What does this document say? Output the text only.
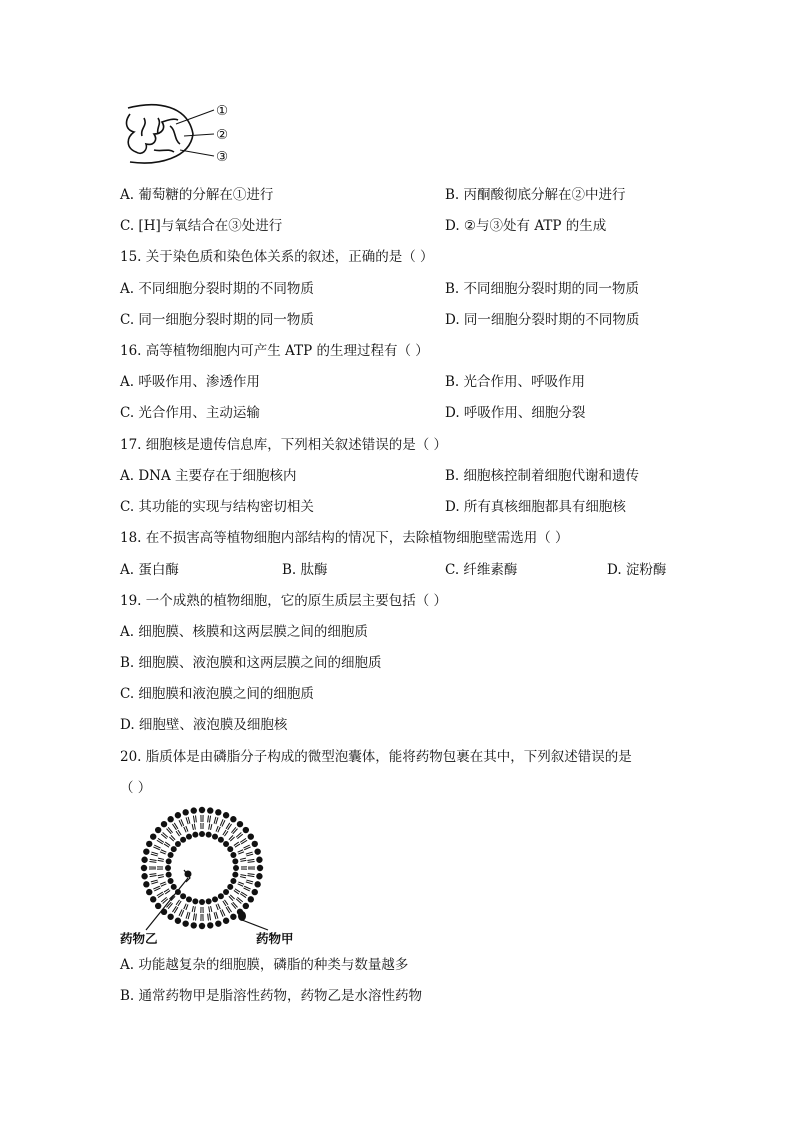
①
②
③
A. 葡萄糖的分解在①进行	B. 丙酮酸彻底分解在②中进行
C. [H]与氧结合在③处进行	D. ②与③处有 ATP 的生成
15. 关于染色质和染色体关系的叙述，正确的是（ ）
A. 不同细胞分裂时期的不同物质	B. 不同细胞分裂时期的同一物质
C. 同一细胞分裂时期的同一物质	D. 同一细胞分裂时期的不同物质
16. 高等植物细胞内可产生 ATP 的生理过程有（ ）
A. 呼吸作用、渗透作用	B. 光合作用、呼吸作用
C. 光合作用、主动运输	D. 呼吸作用、细胞分裂
17. 细胞核是遗传信息库，下列相关叙述错误的是（ ）
A. DNA 主要存在于细胞核内	B. 细胞核控制着细胞代谢和遗传
C. 其功能的实现与结构密切相关	D. 所有真核细胞都具有细胞核
18. 在不损害高等植物细胞内部结构的情况下，去除植物细胞壁需选用（ ）
A. 蛋白酶	B. 肽酶	C. 纤维素酶	D. 淀粉酶
19. 一个成熟的植物细胞，它的原生质层主要包括（ ）
A. 细胞膜、核膜和这两层膜之间的细胞质
B. 细胞膜、液泡膜和这两层膜之间的细胞质
C. 细胞膜和液泡膜之间的细胞质
D. 细胞壁、液泡膜及细胞核
20. 脂质体是由磷脂分子构成的微型泡囊体，能将药物包裹在其中，下列叙述错误的是
（ ）
药物乙	药物甲
A. 功能越复杂的细胞膜，磷脂的种类与数量越多
B. 通常药物甲是脂溶性药物，药物乙是水溶性药物
